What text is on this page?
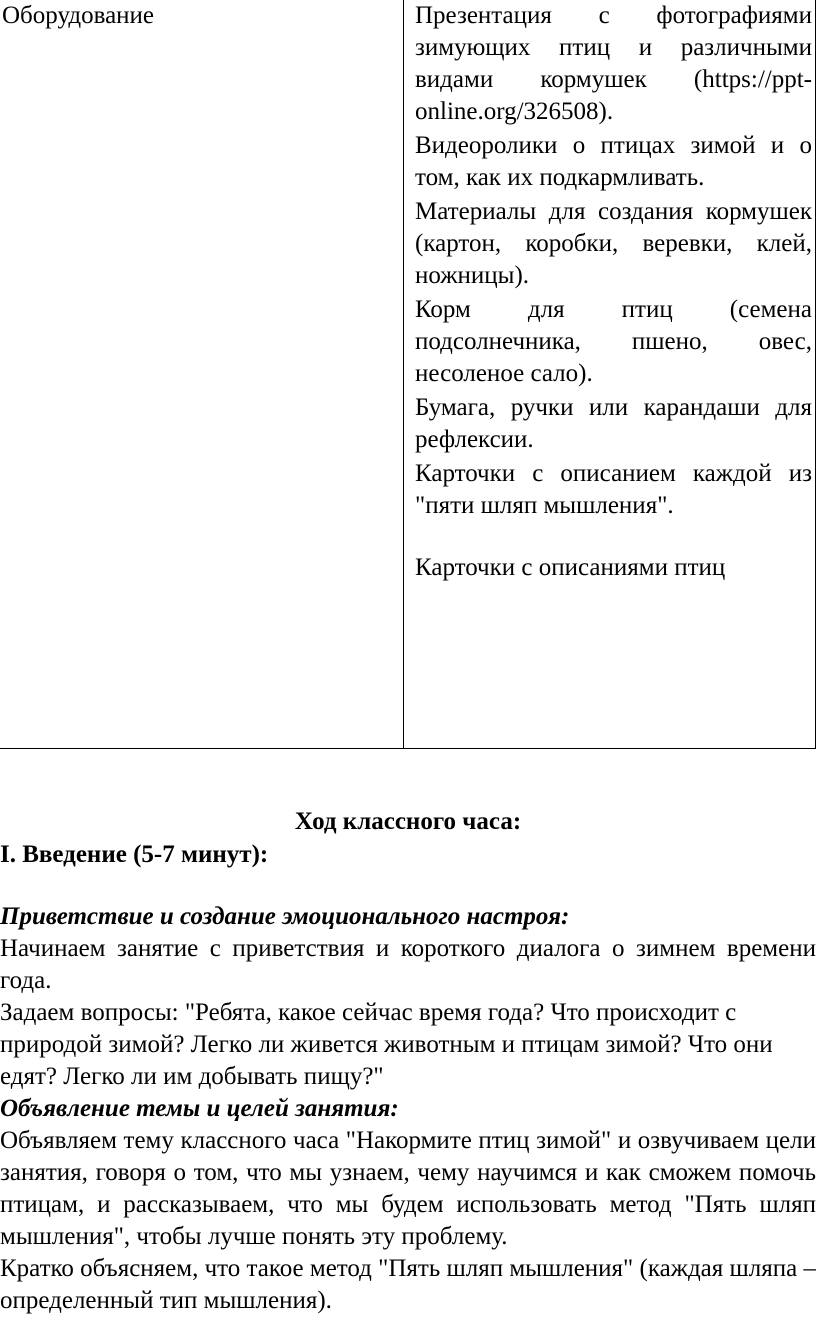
Оборудование	Презентация с фотографиями зимующих птиц и различными видами кормушек (https://ppt-online.org/326508).

Видеоролики о птицах зимой и о том, как их подкармливать.

Материалы для создания кормушек (картон, коробки, веревки, клей, ножницы).

Корм для птиц (семена подсолнечника, пшено, овес, несоленое сало).

Бумага, ручки или карандаши для рефлексии.

Карточки с описанием каждой из "пяти шляп мышления".

Карточки с описаниями птиц

Ход классного часа:

I. Введение (5-7 минут):

Приветствие и создание эмоционального настроя:

Начинаем занятие с приветствия и короткого диалога о зимнем времени года.

Задаем вопросы: "Ребята, какое сейчас время года? Что происходит с природой зимой? Легко ли живется животным и птицам зимой? Что они едят? Легко ли им добывать пищу?"

Объявление темы и целей занятия:

Объявляем тему классного часа "Накормите птиц зимой" и озвучиваем цели занятия, говоря о том, что мы узнаем, чему научимся и как сможем помочь птицам, и рассказываем, что мы будем использовать метод "Пять шляп мышления", чтобы лучше понять эту проблему.

Кратко объясняем, что такое метод "Пять шляп мышления" (каждая шляпа – определенный тип мышления).
